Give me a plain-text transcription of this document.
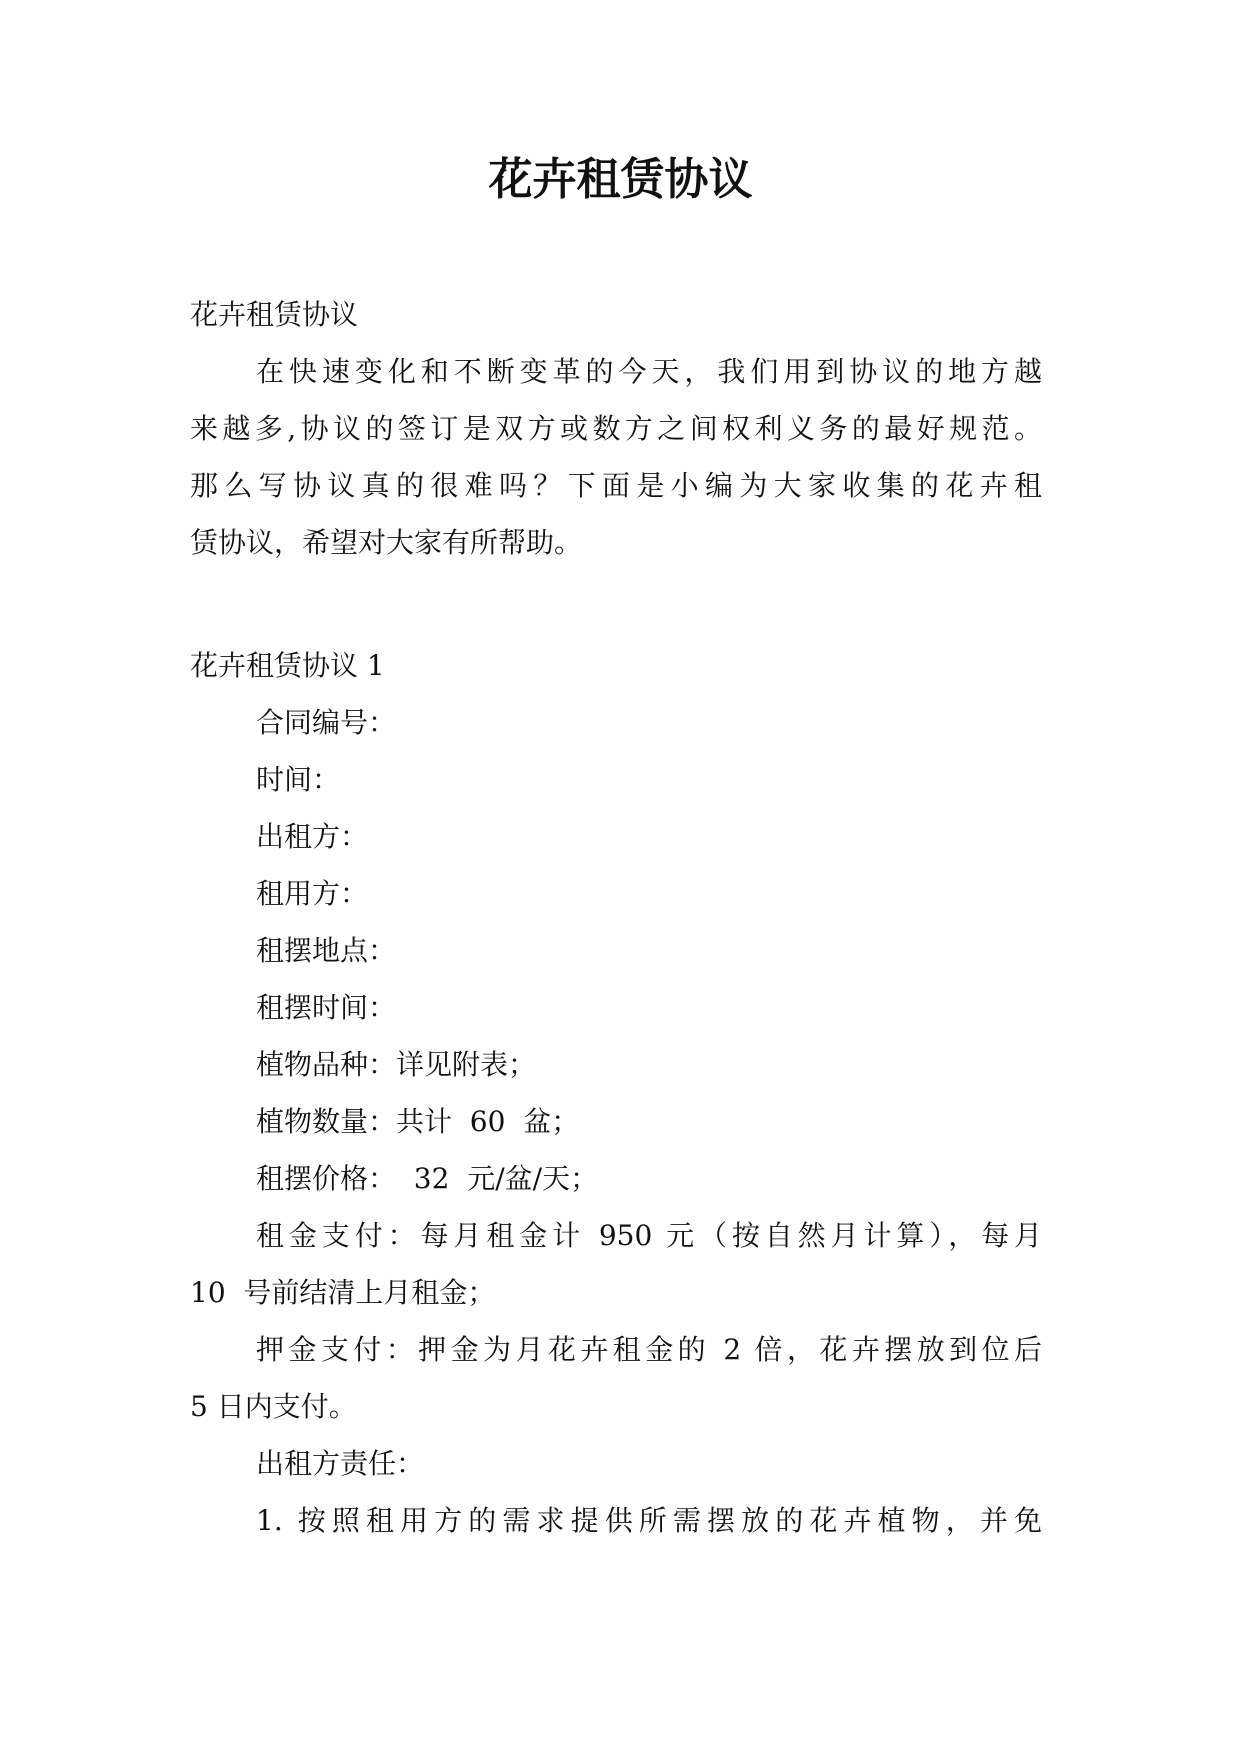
花卉租赁协议

花卉租赁协议

在快速变化和不断变革的今天，我们用到协议的地方越

来越多,协议的签订是双方或数方之间权利义务的最好规范。

那么写协议真的很难吗？下面是小编为大家收集的花卉租

赁协议，希望对大家有所帮助。

花卉租赁协议 1

合同编号：

时间：

出租方：

租用方：

租摆地点：

租摆时间：

植物品种：详见附表；

植物数量：共计  60  盆；

租摆价格：  32  元/盆/天；

租金支付：每月租金计 950 元（按自然月计算），每月

10  号前结清上月租金；

押金支付：押金为月花卉租金的 2 倍，花卉摆放到位后

5 日内支付。

出租方责任：

1. 按照租用方的需求提供所需摆放的花卉植物，并免
